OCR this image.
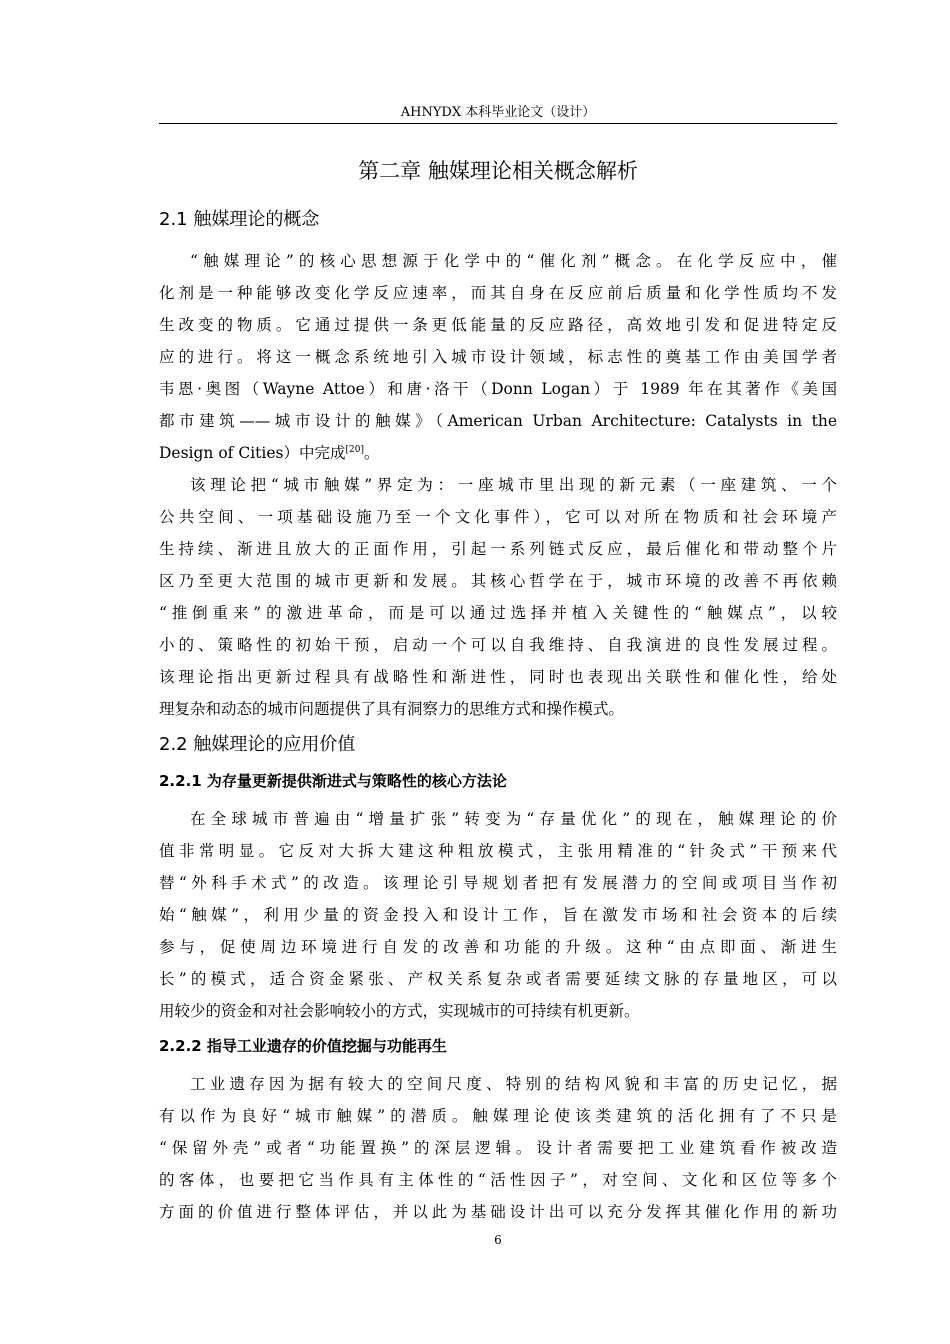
AHNYDX 本科毕业论文（设计）
第二章 触媒理论相关概念解析
2.1 触媒理论的概念
“触媒理论”的核心思想源于化学中的“催化剂”概念。在化学反应中，催
化剂是一种能够改变化学反应速率，而其自身在反应前后质量和化学性质均不发
生改变的物质。它通过提供一条更低能量的反应路径，高效地引发和促进特定反
应的进行。将这一概念系统地引入城市设计领域，标志性的奠基工作由美国学者
韦恩·奥图（Wayne Attoe）和唐·洛干（Donn Logan）于 1989 年在其著作《美国
都市建筑——城市设计的触媒》（American Urban Architecture: Catalysts in the
Design of Cities）中完成[20]。
该理论把“城市触媒”界定为：一座城市里出现的新元素（一座建筑、一个
公共空间、一项基础设施乃至一个文化事件），它可以对所在物质和社会环境产
生持续、渐进且放大的正面作用，引起一系列链式反应，最后催化和带动整个片
区乃至更大范围的城市更新和发展。其核心哲学在于，城市环境的改善不再依赖
“推倒重来”的激进革命，而是可以通过选择并植入关键性的“触媒点”，以较
小的、策略性的初始干预，启动一个可以自我维持、自我演进的良性发展过程。
该理论指出更新过程具有战略性和渐进性，同时也表现出关联性和催化性，给处
理复杂和动态的城市问题提供了具有洞察力的思维方式和操作模式。
2.2 触媒理论的应用价值
2.2.1 为存量更新提供渐进式与策略性的核心方法论
在全球城市普遍由“增量扩张”转变为“存量优化”的现在，触媒理论的价
值非常明显。它反对大拆大建这种粗放模式，主张用精准的“针灸式”干预来代
替“外科手术式”的改造。该理论引导规划者把有发展潜力的空间或项目当作初
始“触媒”，利用少量的资金投入和设计工作，旨在激发市场和社会资本的后续
参与，促使周边环境进行自发的改善和功能的升级。这种“由点即面、渐进生
长”的模式，适合资金紧张、产权关系复杂或者需要延续文脉的存量地区，可以
用较少的资金和对社会影响较小的方式，实现城市的可持续有机更新。
2.2.2 指导工业遗存的价值挖掘与功能再生
工业遗存因为据有较大的空间尺度、特别的结构风貌和丰富的历史记忆，据
有以作为良好“城市触媒”的潜质。触媒理论使该类建筑的活化拥有了不只是
“保留外壳”或者“功能置换”的深层逻辑。设计者需要把工业建筑看作被改造
的客体，也要把它当作具有主体性的“活性因子”，对空间、文化和区位等多个
方面的价值进行整体评估，并以此为基础设计出可以充分发挥其催化作用的新功
6
